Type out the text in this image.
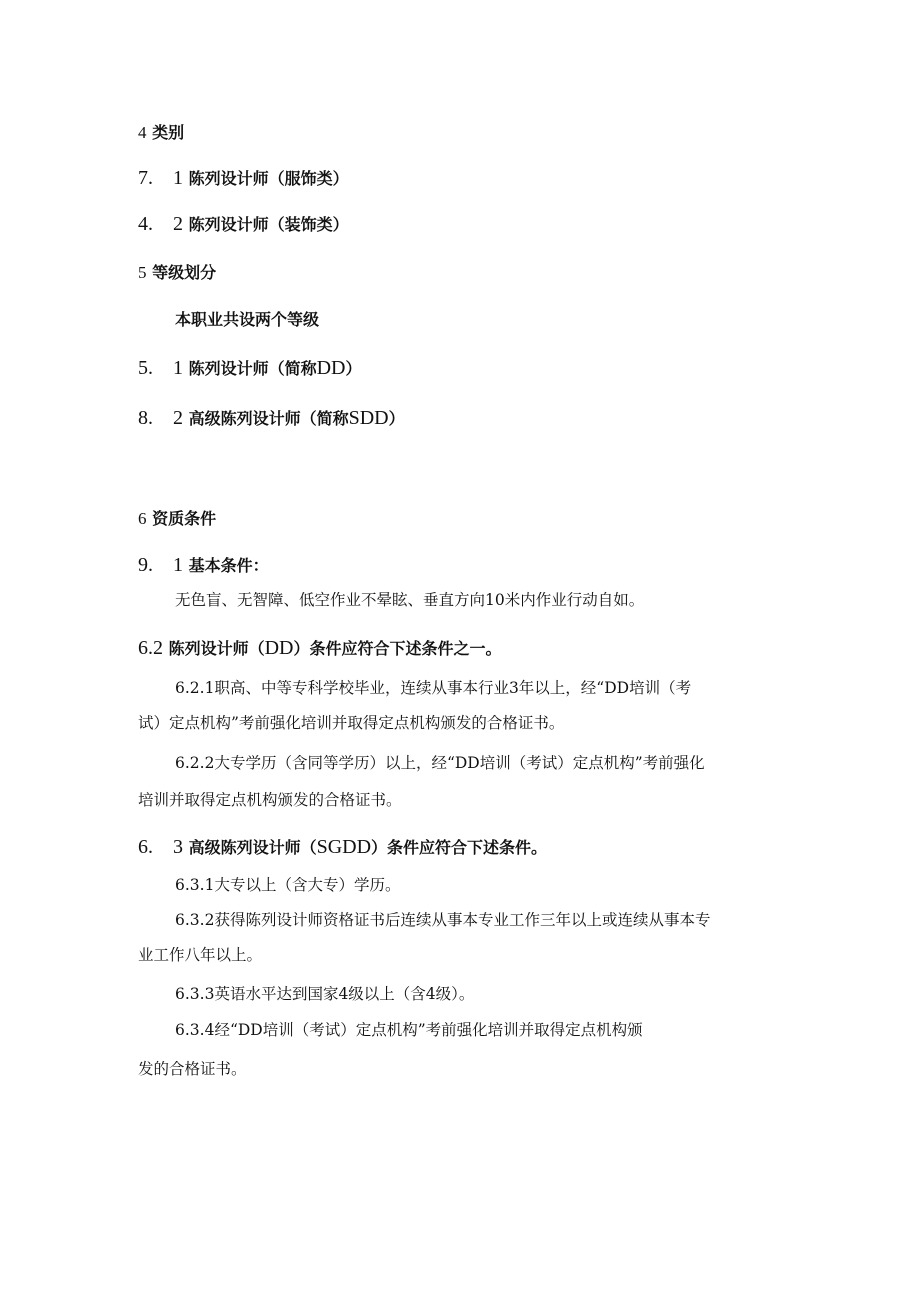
4 类别
7.　1 陈列设计师（服饰类）
4.　2 陈列设计师（装饰类）
5 等级划分
本职业共设两个等级
5.　1 陈列设计师（简称DD）
8.　2 高级陈列设计师（简称SDD）
6 资质条件
9.　1 基本条件：
无色盲、无智障、低空作业不晕眩、垂直方向10米内作业行动自如。
6.2 陈列设计师（DD）条件应符合下述条件之一。
6.2.1职高、中等专科学校毕业，连续从事本行业3年以上，经“DD培训（考
试）定点机构”考前强化培训并取得定点机构颁发的合格证书。
6.2.2大专学历（含同等学历）以上，经“DD培训（考试）定点机构”考前强化
培训并取得定点机构颁发的合格证书。
6.　3 高级陈列设计师（SGDD）条件应符合下述条件。
6.3.1大专以上（含大专）学历。
6.3.2获得陈列设计师资格证书后连续从事本专业工作三年以上或连续从事本专
业工作八年以上。
6.3.3英语水平达到国家4级以上（含4级）。
6.3.4经“DD培训（考试）定点机构”考前强化培训并取得定点机构颁
发的合格证书。
